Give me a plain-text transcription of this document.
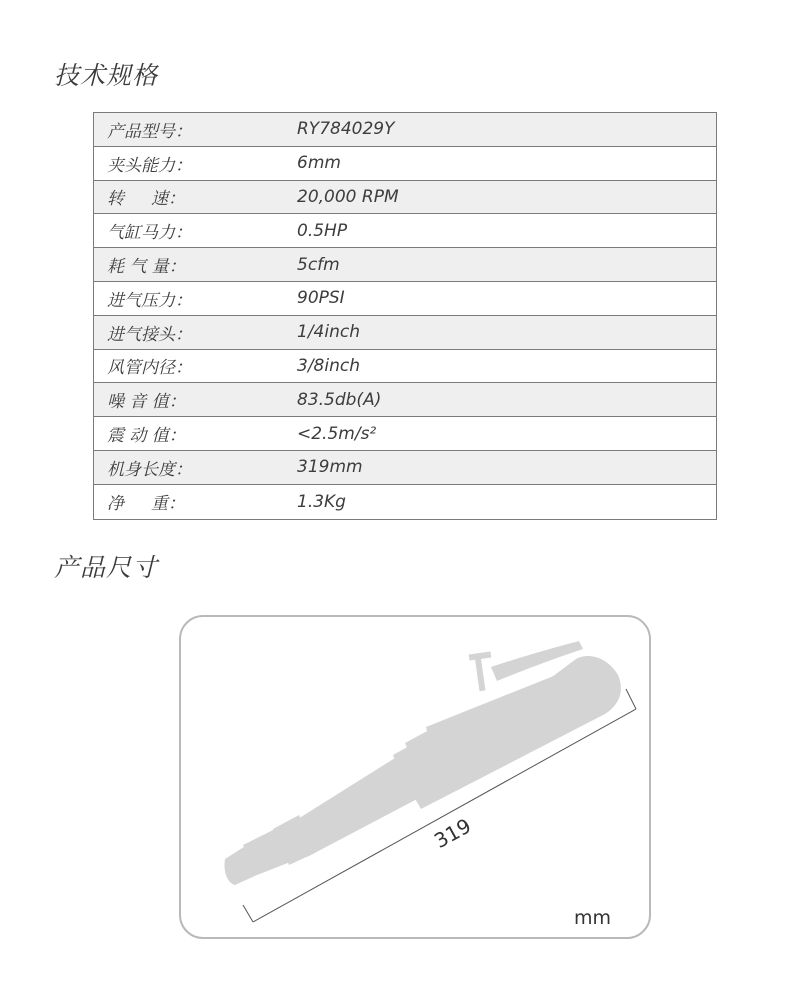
技术规格
产品型号：	RY784029Y
夹头能力：	6mm
转     速：	20,000 RPM
气缸马力：	0.5HP
耗 气 量：	5cfm
进气压力：	90PSI
进气接头：	1/4inch
风管内径：	3/8inch
噪 音 值：	83.5db(A)
震 动 值：	<2.5m/s²
机身长度：	319mm
净     重：	1.3Kg
产品尺寸
319
mm
